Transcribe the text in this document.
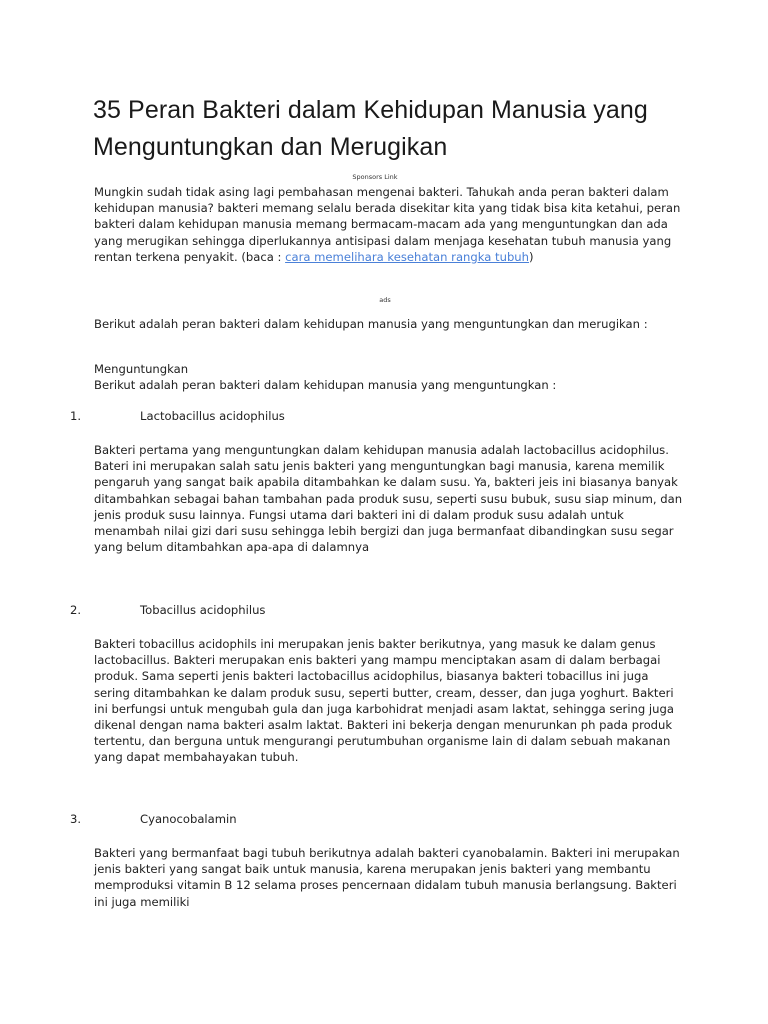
35 Peran Bakteri dalam Kehidupan Manusia yang Menguntungkan dan Merugikan
Sponsors Link

Mungkin sudah tidak asing lagi pembahasan mengenai bakteri. Tahukah anda peran bakteri dalam kehidupan manusia? bakteri memang selalu berada disekitar kita yang tidak bisa kita ketahui, peran bakteri dalam kehidupan manusia memang bermacam-macam ada yang menguntungkan dan ada yang merugikan sehingga diperlukannya antisipasi dalam menjaga kesehatan tubuh manusia yang rentan terkena penyakit. (baca : cara memelihara kesehatan rangka tubuh)

ads

Berikut adalah peran bakteri dalam kehidupan manusia yang menguntungkan dan merugikan :

Menguntungkan

Berikut adalah peran bakteri dalam kehidupan manusia yang menguntungkan :

1.	Lactobacillus acidophilus

Bakteri pertama yang menguntungkan dalam kehidupan manusia adalah lactobacillus acidophilus. Bateri ini merupakan salah satu jenis bakteri yang menguntungkan bagi manusia, karena memilik pengaruh yang sangat baik apabila ditambahkan ke dalam susu. Ya, bakteri jeis ini biasanya banyak ditambahkan sebagai bahan tambahan pada produk susu, seperti susu bubuk, susu siap minum, dan jenis produk susu lainnya. Fungsi utama dari bakteri ini di dalam produk susu adalah untuk menambah nilai gizi dari susu sehingga lebih bergizi dan juga bermanfaat dibandingkan susu segar yang belum ditambahkan apa-apa di dalamnya

2.	Tobacillus acidophilus

Bakteri tobacillus acidophils ini merupakan jenis bakter berikutnya, yang masuk ke dalam genus lactobacillus. Bakteri merupakan enis bakteri yang mampu menciptakan asam di dalam berbagai produk. Sama seperti jenis bakteri lactobacillus acidophilus, biasanya bakteri tobacillus ini juga sering ditambahkan ke dalam produk susu, seperti butter, cream, desser, dan juga yoghurt. Bakteri ini berfungsi untuk mengubah gula dan juga karbohidrat menjadi asam laktat, sehingga sering juga dikenal dengan nama bakteri asalm laktat. Bakteri ini bekerja dengan menurunkan ph pada produk tertentu, dan berguna untuk mengurangi perutumbuhan organisme lain di dalam sebuah makanan yang dapat membahayakan tubuh.

3.	Cyanocobalamin

Bakteri yang bermanfaat bagi tubuh berikutnya adalah bakteri cyanobalamin. Bakteri ini merupakan jenis bakteri yang sangat baik untuk manusia, karena merupakan jenis bakteri yang membantu memproduksi vitamin B 12 selama proses pencernaan didalam tubuh manusia berlangsung. Bakteri ini juga memiliki
